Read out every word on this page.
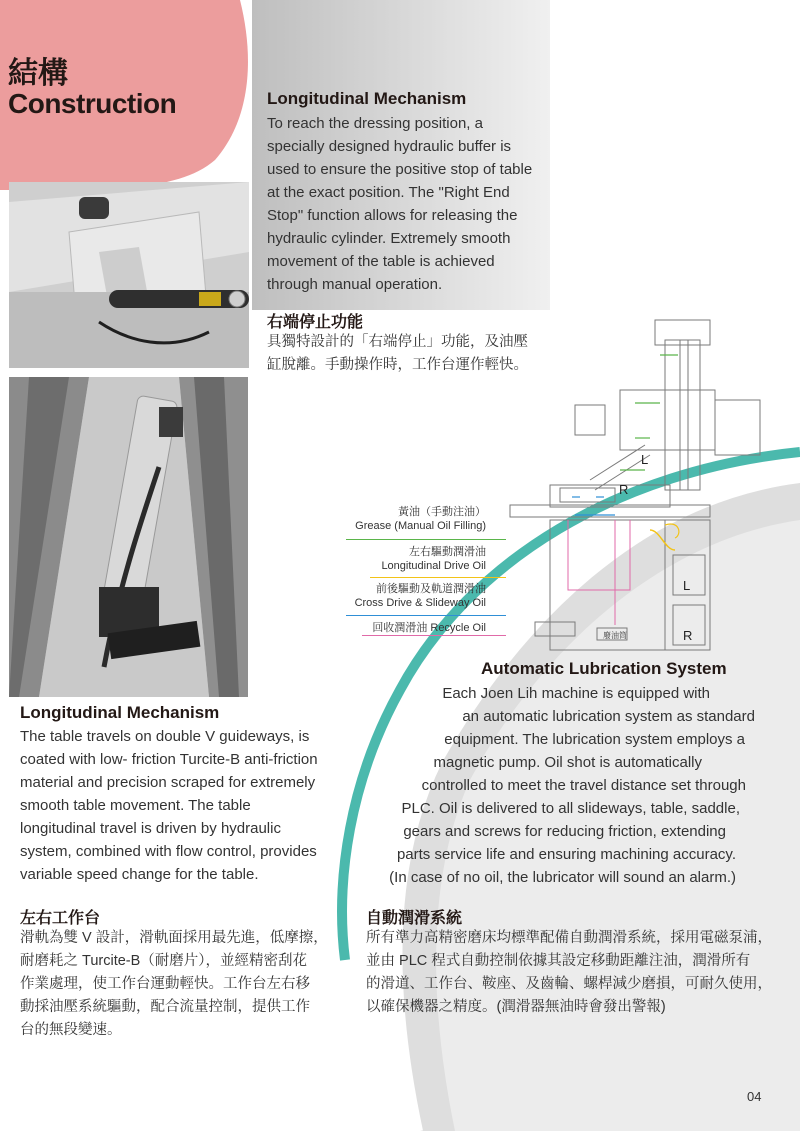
結構
Construction	Longitudinal Mechanism
To reach the dressing position, a
specially designed hydraulic buffer is
used to ensure the positive stop of table
at the exact position. The "Right End
Stop" function allows for releasing the
hydraulic cylinder. Extremely smooth
movement of the table is achieved
through manual operation.
右端停止功能
具獨特設計的「右端停止」功能，及油壓
缸脫離。手動操作時，工作台運作輕快。
L
R
L
R
廢油筒
黃油（手動注油）
Grease (Manual Oil Filling)
左右驅動潤滑油
Longitudinal Drive Oil
前後驅動及軌道潤滑油
Cross Drive & Slideway Oil
回收潤滑油 Recycle Oil
Longitudinal Mechanism
The table travels on double V guideways, is
coated with low- friction Turcite-B anti-friction
material and precision scraped for extremely
smooth table movement. The table
longitudinal travel is driven by hydraulic
system, combined with flow control, provides
variable speed change for the table.
左右工作台
滑軌為雙 V 設計，滑軌面採用最先進，低摩擦，
耐磨耗之 Turcite-B（耐磨片），並經精密刮花
作業處理，使工作台運動輕快。工作台左右移
動採油壓系統驅動，配合流量控制，提供工作
台的無段變速。
Automatic Lubrication System
Each Joen Lih machine is equipped with
an automatic lubrication system as standard
equipment. The lubrication system employs a
magnetic pump. Oil shot is automatically
controlled to meet the travel distance set through
PLC. Oil is delivered to all slideways, table, saddle,
gears and screws for reducing friction, extending
parts service life and ensuring machining accuracy.
(In case of no oil, the lubricator will sound an alarm.)
自動潤滑系統
所有準力高精密磨床均標準配備自動潤滑系統，採用電磁泵浦，
並由 PLC 程式自動控制依據其設定移動距離注油，潤滑所有
的滑道、工作台、鞍座、及齒輪、螺桿減少磨損，可耐久使用，
以確保機器之精度。(潤滑器無油時會發出警報)
04
